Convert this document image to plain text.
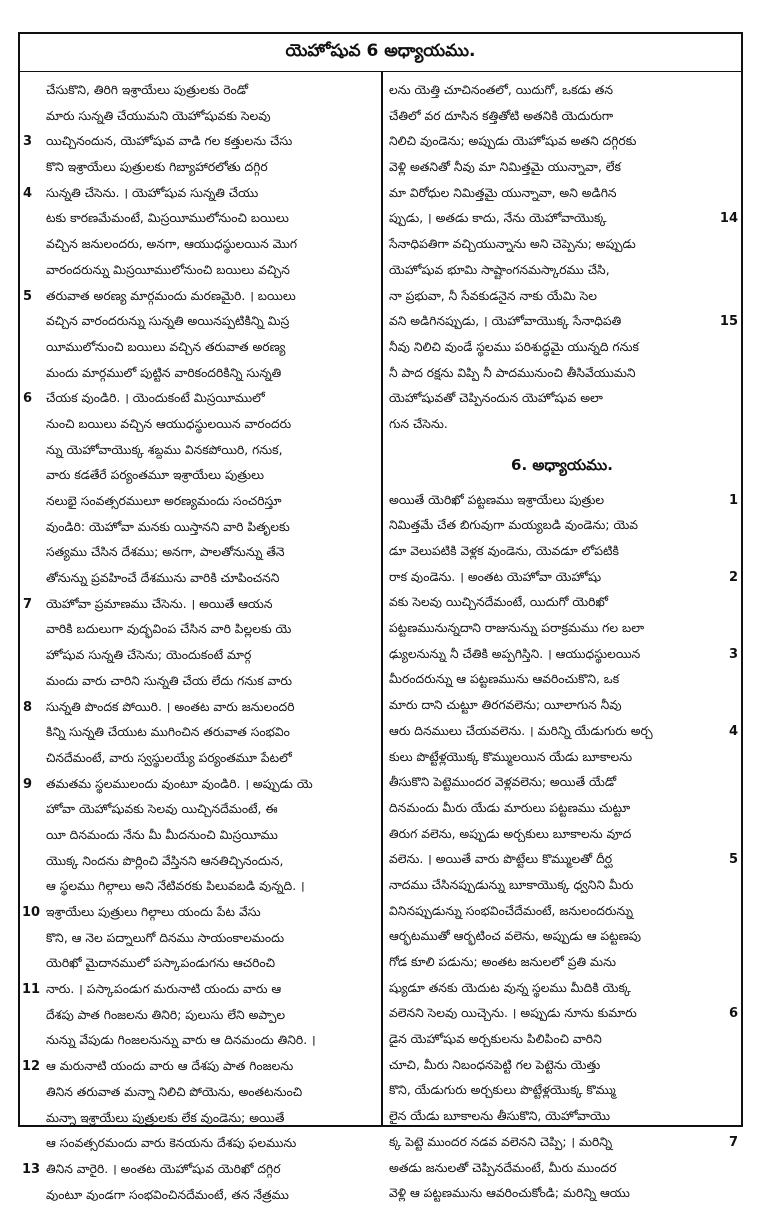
యెహోషువ 6 అధ్యాయము.
చేసుకొని, తిరిగి ఇశ్రాయేలు పుత్రులకు రెండో
మారు సున్నతి చేయుమని యెహోషువకు సెలవు
3	యిచ్చినందున, యెహోషువ వాడి గల కత్తులను చేసు
కొని ఇశ్రాయేలు పుత్రులకు గిబ్యాహారలోతు దగ్గిర
4	సున్నతి చేసెను. । యెహోషువ సున్నతి చేయు
టకు కారణమేమంటే, మిస్రయీములోనుంచి బయిలు
వచ్చిన జనులందరు, అనగా, ఆయుధస్థులయిన మొగ
వారందరున్ను మిస్రయీములోనుంచి బయిలు వచ్చిన
5	తరువాత అరణ్య మార్గమందు మరణమైరి. । బయిలు
వచ్చిన వారందరున్ను సున్నతి అయినప్పటికిన్ని మిస్ర
యీములోనుంచి బయిలు వచ్చిన తరువాత అరణ్య
మందు మార్గములో పుట్టిన వారికందరికిన్ని సున్నతి
6	చేయక వుండిరి. । యెందుకంటే మిస్రయీములో
నుంచి బయిలు వచ్చిన ఆయుధస్థులయిన వారందరు
న్ను యెహోవాయొక్క శబ్దము వినకపోయిరి, గనుక,
వారు కడతేరే పర్యంతమూ ఇశ్రాయేలు పుత్రులు
నలుభై సంవత్సరములూ అరణ్యమందు సంచరిస్తూ
వుండిరి: యెహోవా మనకు యిస్తానని వారి పితృలకు
సత్యము చేసిన దేశము; అనగా, పాలతోనున్ను తేనె
తోనున్ను ప్రవహించే దేశమును వారికి చూపించనని
7	యెహోవా ప్రమాణము చేసెను. । అయితే ఆయన
వారికి బదులుగా వుద్భవింప చేసిన వారి పిల్లలకు యె
హోషువ సున్నతి చేసెను; యెందుకంటే మార్గ
మందు వారు చారిని సున్నతి చేయ లేదు గనుక వారు
8	సున్నతి పొందక పోయిరి. । అంతట వారు జనులందరి
కిన్ని సున్నతి చేయుట ముగించిన తరువాత సంభవిం
చినదేమంటే, వారు స్వస్థులయ్యే పర్యంతమూ పేటలో
9	తమతమ స్థలములందు వుంటూ వుండిరి. । అప్పుడు యె
హోవా యెహోషువకు సెలవు యిచ్చినదేమంటే, ఈ
యీ దినమందు నేను మీ మీదనుంచి మిస్రయీము
యొక్క నిందను పొర్లించి వేస్తినని ఆనతిచ్చినందున,
ఆ స్థలము గిల్గాలు అని నేటివరకు పిలువబడి వున్నది. ।
10 ఇశ్రాయేలు పుత్రులు గిల్గాలు యందు పేట వేసు
కొని, ఆ నెల పద్నాలుగో దినము సాయంకాలమందు
యెరిఖో మైదానములో పస్కాపండుగను ఆచరించి
11 నారు. । పస్కాపండుగ మరునాటి యందు వారు ఆ
దేశపు పాత గింజలను తినిరి; పులుసు లేని అప్పాల
నున్ను వేపుడు గింజలనున్ను వారు ఆ దినమందు తినిరి. ।
12 ఆ మరునాటి యందు వారు ఆ దేశపు పాత గింజలను
తినిన తరువాత మన్నా నిలిచి పోయెను, అంతటనుంచి
మన్నా ఇశ్రాయేలు పుత్రులకు లేక వుండెను; అయితే
ఆ సంవత్సరమందు వారు కెనయను దేశపు ఫలమును
13 తినిన వారైరి. । అంతట యెహోషువ యెరిఖో దగ్గిర
వుంటూ వుండగా సంభవించినదేమంటే, తన నేత్రము
లను యెత్తి చూచినంతలో, యిదుగో, ఒకడు తన
చేతిలో వర దూసిన కత్తితోటి అతనికి యెదురుగా
నిలిచి వుండెను; అప్పుడు యెహోషువ అతని దగ్గిరకు
వెళ్లి అతనితో నీవు మా నిమిత్తమై యున్నావా, లేక
మా విరోధుల నిమిత్తమై యున్నావా, అని అడిగిన
ప్పుడు, । అతడు కాదు, నేను యెహోవాయొక్క	14
సేనాధిపతిగా వచ్చియున్నాను అని చెప్పెను; అప్పుడు
యెహోషువ భూమి సాష్టాంగనమస్కారము చేసి,
నా ప్రభువా, నీ సేవకుడనైన నాకు యేమి సెల
వని అడిగినప్పుడు, । యెహోవాయొక్క సేనాధిపతి	15
నీవు నిలిచి వుండే స్థలము పరిశుద్ధమై యున్నది గనుక
నీ పాద రక్షను విప్పి నీ పాదమునుంచి తీసివేయుమని
యెహోషువతో చెప్పినందున యెహోషువ అలా
గున చేసెను.
6. అధ్యాయము.
అయితే యెరిఖో పట్టణము ఇశ్రాయేలు పుత్రుల	1
నిమిత్తమే చేత బిగువుగా మయ్యబడి వుండెను; యెవ
డూ వెలుపటికి వెళ్లక వుండెను, యెవడూ లోపటికి
రాక వుండెను. । అంతట యెహోవా యెహోషు	2
వకు సెలవు యిచ్చినదేమంటే, యిదుగో యెరిఖో
పట్టణమునున్నదాని రాజునున్ను పరాక్రమము గల బలా
ఢ్యులనున్ను నీ చేతికి అప్పగిస్తిని. । ఆయుధస్థులయిన	3
మీరందరున్ను ఆ పట్టణమును ఆవరించుకొని, ఒక
మారు దాని చుట్టూ తిరగవలెను; యీలాగున నీవు
ఆరు దినములు చేయవలెను. । మరిన్ని యేడుగురు అర్చ	4
కులు పొట్టేళ్లయొక్క కొమ్ములయిన యేడు బూకాలను
తీసుకొని పెట్టెముందర వెళ్లవలెను; అయితే యేడో
దినమందు మీరు యేడు మారులు పట్టణము చుట్టూ
తిరుగ వలెను, అప్పుడు అర్చకులు బూకాలను వూద
వలెను. । అయితే వారు పొట్టేలు కొమ్ములతో దీర్ఘ	5
నాదము చేసినప్పుడున్ను బూకాయొక్క ధ్వనిని మీరు
వినినప్పుడున్ను సంభవించేదేమంటే, జనులందరున్ను
ఆర్భటముతో ఆర్భటించ వలెను, అప్పుడు ఆ పట్టణపు
గోడ కూలి పడును; అంతట జనులలో ప్రతి మను
ష్యుడూ తనకు యెదుట వున్న స్థలము మీదికి యెక్క
వలెనని సెలవు యిచ్చెను. । అప్పుడు నూను కుమారు	6
డైన యెహోషువ అర్చకులను పిలిపించి వారిని
చూచి, మీరు నిబంధనపెట్టి గల పెట్టెను యెత్తు
కొని, యేడుగురు అర్చకులు పొట్టేళ్లయొక్క కొమ్ము
లైన యేడు బూకాలను తీసుకొని, యెహోవాయొ
క్క పెట్టె ముందర నడవ వలెనని చెప్పి; । మరిన్ని	7
అతడు జనులతో చెప్పినదేమంటే, మీరు ముందర
వెళ్లి ఆ పట్టణమును ఆవరించుకోండి; మరిన్ని ఆయు
